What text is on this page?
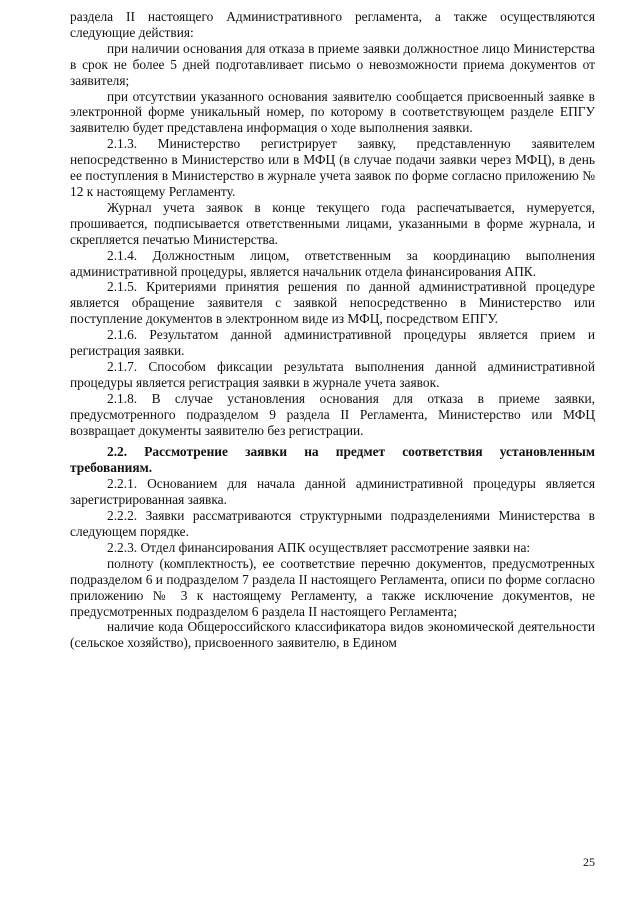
раздела II настоящего Административного регламента, а также осуществляются следующие действия:

при наличии основания для отказа в приеме заявки должностное лицо Министерства в срок не более 5 дней подготавливает письмо о невозможности приема документов от заявителя;

при отсутствии указанного основания заявителю сообщается присвоенный заявке в электронной форме уникальный номер, по которому в соответствующем разделе ЕПГУ заявителю будет представлена информация о ходе выполнения заявки.

2.1.3. Министерство регистрирует заявку, представленную заявителем непосредственно в Министерство или в МФЦ (в случае подачи заявки через МФЦ), в день ее поступления в Министерство в журнале учета заявок по форме согласно приложению № 12 к настоящему Регламенту.

Журнал учета заявок в конце текущего года распечатывается, нумеруется, прошивается, подписывается ответственными лицами, указанными в форме журнала, и скрепляется печатью Министерства.

2.1.4. Должностным лицом, ответственным за координацию выполнения административной процедуры, является начальник отдела финансирования АПК.

2.1.5. Критериями принятия решения по данной административной процедуре является обращение заявителя с заявкой непосредственно в Министерство или поступление документов в электронном виде из МФЦ, посредством ЕПГУ.

2.1.6. Результатом данной административной процедуры является прием и регистрация заявки.

2.1.7. Способом фиксации результата выполнения данной административной процедуры является регистрация заявки в журнале учета заявок.

2.1.8. В случае установления основания для отказа в приеме заявки, предусмотренного подразделом 9 раздела II Регламента, Министерство или МФЦ возвращает документы заявителю без регистрации.

2.2. Рассмотрение заявки на предмет соответствия установленным требованиям.

2.2.1. Основанием для начала данной административной процедуры является зарегистрированная заявка.

2.2.2. Заявки рассматриваются структурными подразделениями Министерства в следующем порядке.

2.2.3. Отдел финансирования АПК осуществляет рассмотрение заявки на:

полноту (комплектность), ее соответствие перечню документов, предусмотренных подразделом 6 и подразделом 7 раздела II настоящего Регламента, описи по форме согласно приложению № 3 к настоящему Регламенту, а также исключение документов, не предусмотренных подразделом 6 раздела II настоящего Регламента;

наличие кода Общероссийского классификатора видов экономической деятельности (сельское хозяйство), присвоенного заявителю, в Едином

25
